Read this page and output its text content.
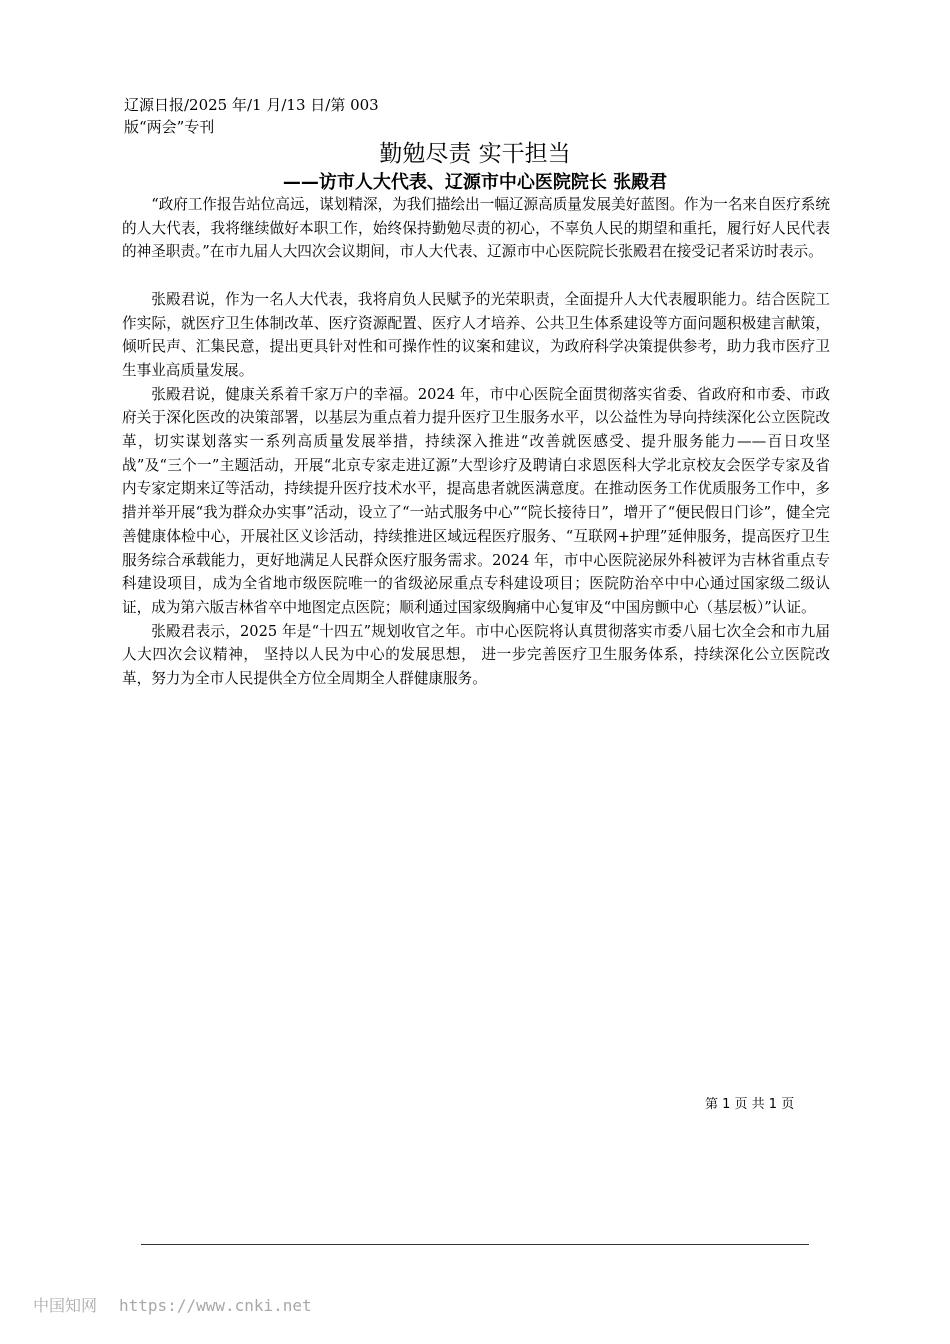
辽源日报/2025 年/1 月/13 日/第 003
版“两会”专刊
勤勉尽责 实干担当
——访市人大代表、辽源市中心医院院长 张殿君

“政府工作报告站位高远，谋划精深，为我们描绘出一幅辽源高质量发展美好蓝图。作为一名来自医疗系统的人大代表，我将继续做好本职工作，始终保持勤勉尽责的初心，不辜负人民的期望和重托，履行好人民代表的神圣职责。”在市九届人大四次会议期间，市人大代表、辽源市中心医院院长张殿君在接受记者采访时表示。

张殿君说，作为一名人大代表，我将肩负人民赋予的光荣职责，全面提升人大代表履职能力。结合医院工作实际，就医疗卫生体制改革、医疗资源配置、医疗人才培养、公共卫生体系建设等方面问题积极建言献策，倾听民声、汇集民意，提出更具针对性和可操作性的议案和建议，为政府科学决策提供参考，助力我市医疗卫生事业高质量发展。

张殿君说，健康关系着千家万户的幸福。2024 年，市中心医院全面贯彻落实省委、省政府和市委、市政府关于深化医改的决策部署，以基层为重点着力提升医疗卫生服务水平，以公益性为导向持续深化公立医院改革，切实谋划落实一系列高质量发展举措，持续深入推进“改善就医感受、提升服务能力——百日攻坚战”及“三个一”主题活动，开展“北京专家走进辽源”大型诊疗及聘请白求恩医科大学北京校友会医学专家及省内专家定期来辽等活动，持续提升医疗技术水平，提高患者就医满意度。在推动医务工作优质服务工作中，多措并举开展“我为群众办实事”活动，设立了“一站式服务中心”“院长接待日”，增开了“便民假日门诊”，健全完善健康体检中心，开展社区义诊活动，持续推进区域远程医疗服务、“互联网+护理”延伸服务，提高医疗卫生服务综合承载能力，更好地满足人民群众医疗服务需求。2024 年，市中心医院泌尿外科被评为吉林省重点专科建设项目，成为全省地市级医院唯一的省级泌尿重点专科建设项目；医院防治卒中中心通过国家级二级认证，成为第六版吉林省卒中地图定点医院；顺利通过国家级胸痛中心复审及“中国房颤中心（基层板）”认证。

张殿君表示，2025 年是“十四五”规划收官之年。市中心医院将认真贯彻落实市委八届七次全会和市九届人大四次会议精神， 坚持以人民为中心的发展思想， 进一步完善医疗卫生服务体系，持续深化公立医院改革，努力为全市人民提供全方位全周期全人群健康服务。

第 1 页 共 1 页
中国知网 https://www.cnki.net
